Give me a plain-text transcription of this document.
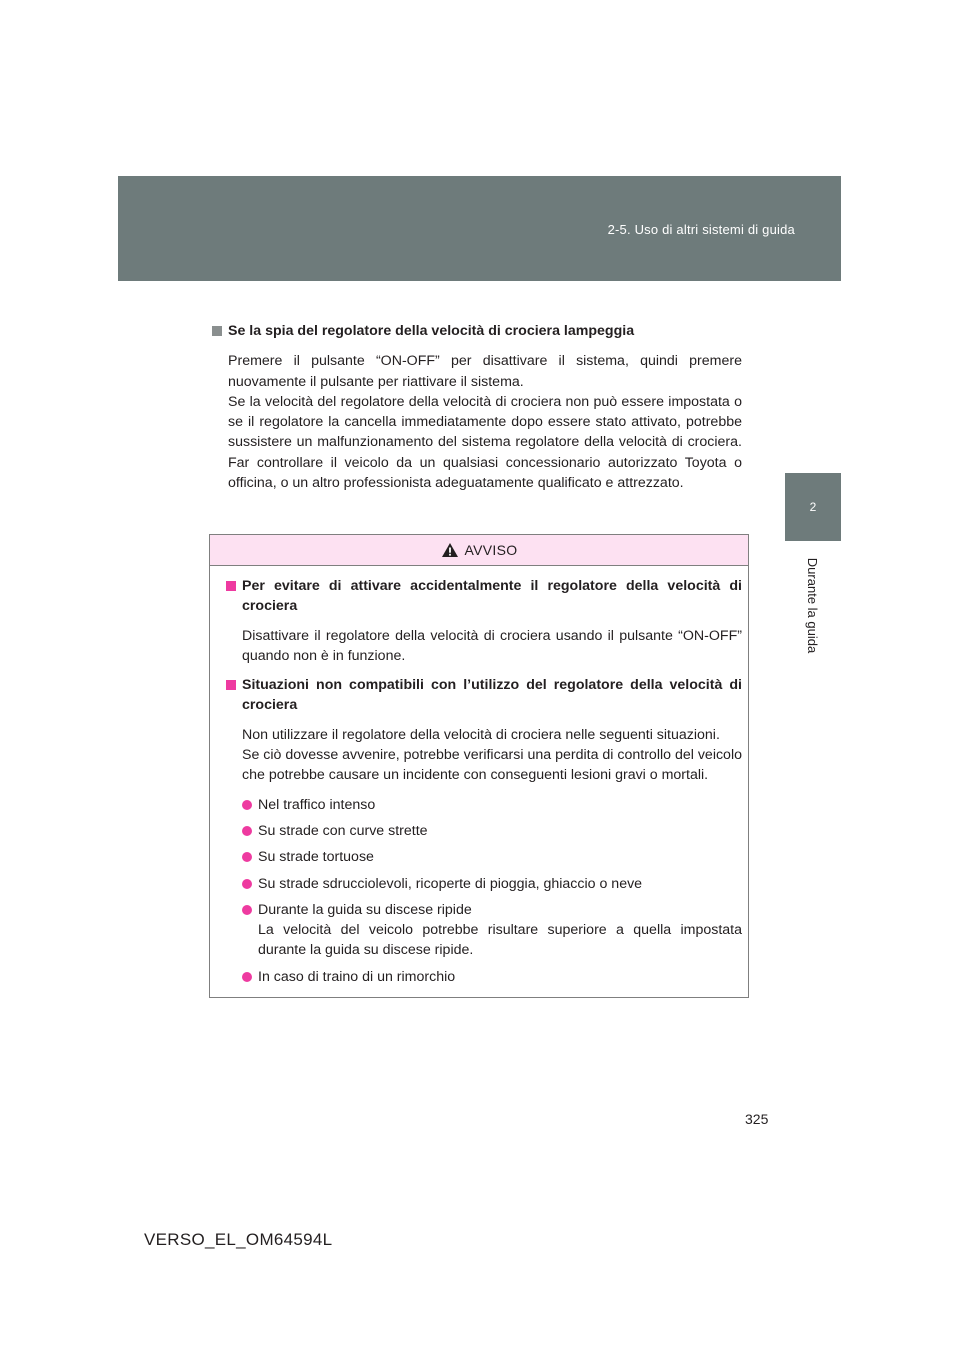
2-5. Uso di altri sistemi di guida
2
Durante la guida

Se la spia del regolatore della velocità di crociera lampeggia

Premere il pulsante “ON-OFF” per disattivare il sistema, quindi premere nuovamente il pulsante per riattivare il sistema.

Se la velocità del regolatore della velocità di crociera non può essere impostata o se il regolatore la cancella immediatamente dopo essere stato attivato, potrebbe sussistere un malfunzionamento del sistema regolatore della velocità di crociera. Far controllare il veicolo da un qualsiasi concessionario autorizzato Toyota o officina, o un altro professionista adeguatamente qualificato e attrezzato.

AVVISO

Per evitare di attivare accidentalmente il regolatore della velocità di crociera

Disattivare il regolatore della velocità di crociera usando il pulsante “ON-OFF” quando non è in funzione.

Situazioni non compatibili con l’utilizzo del regolatore della velocità di crociera

Non utilizzare il regolatore della velocità di crociera nelle seguenti situazioni.
Se ciò dovesse avvenire, potrebbe verificarsi una perdita di controllo del veicolo che potrebbe causare un incidente con conseguenti lesioni gravi o mortali.

Nel traffico intenso
Su strade con curve strette
Su strade tortuose
Su strade sdrucciolevoli, ricoperte di pioggia, ghiaccio o neve
Durante la guida su discese ripide
La velocità del veicolo potrebbe risultare superiore a quella impostata durante la guida su discese ripide.
In caso di traino di un rimorchio
325
VERSO_EL_OM64594L
